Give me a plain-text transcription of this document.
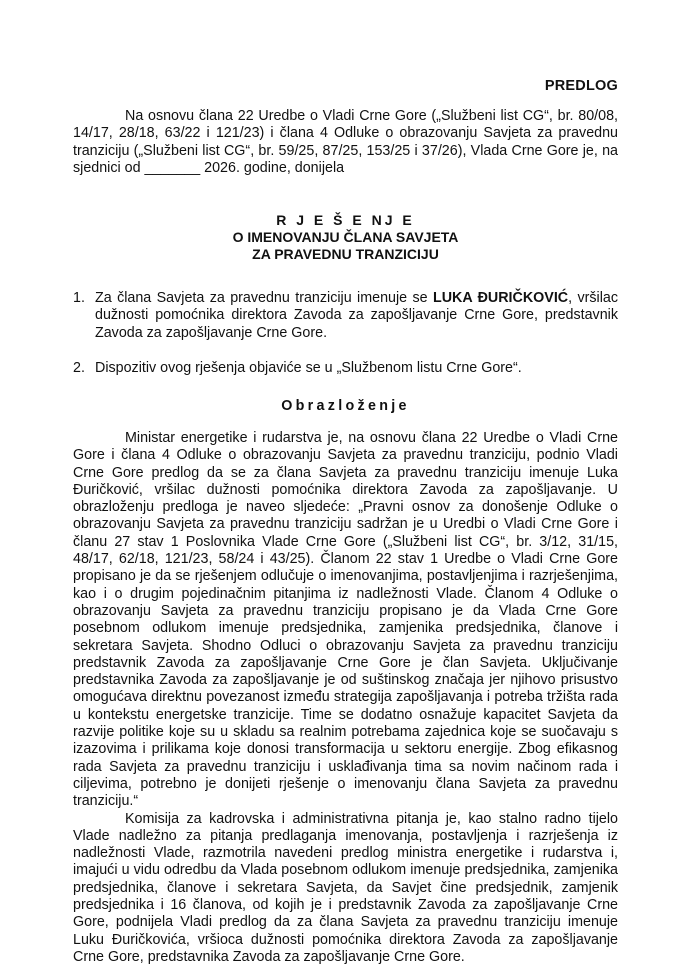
PREDLOG

Na osnovu člana 22 Uredbe o Vladi Crne Gore („Službeni list CG“, br. 80/08, 14/17, 28/18, 63/22 i 121/23) i člana 4 Odluke o obrazovanju Savjeta za pravednu tranziciju („Službeni list CG“, br. 59/25, 87/25, 153/25 i 37/26), Vlada Crne Gore je, na sjednici od _______ 2026. godine, donijela

R J E Š E NJ E
O IMENOVANJU ČLANA SAVJETA
ZA PRAVEDNU TRANZICIJU
1. Za člana Savjeta za pravednu tranziciju imenuje se LUKA ĐURIČKOVIĆ, vršilac dužnosti pomoćnika direktora Zavoda za zapošljavanje Crne Gore, predstavnik Zavoda za zapošljavanje Crne Gore.
2. Dispozitiv ovog rješenja objaviće se u „Službenom listu Crne Gore“.
Obrazloženje

Ministar energetike i rudarstva je, na osnovu člana 22 Uredbe o Vladi Crne Gore i člana 4 Odluke o obrazovanju Savjeta za pravednu tranziciju, podnio Vladi Crne Gore predlog da se za člana Savjeta za pravednu tranziciju imenuje Luka Đuričković, vršilac dužnosti pomoćnika direktora Zavoda za zapošljavanje. U obrazloženju predloga je naveo sljedeće: „Pravni osnov za donošenje Odluke o obrazovanju Savjeta za pravednu tranziciju sadržan je u Uredbi o Vladi Crne Gore i članu 27 stav 1 Poslovnika Vlade Crne Gore („Službeni list CG“, br. 3/12, 31/15, 48/17, 62/18, 121/23, 58/24 i 43/25). Članom 22 stav 1 Uredbe o Vladi Crne Gore propisano je da se rješenjem odlučuje o imenovanjima, postavljenjima i razrješenjima, kao i o drugim pojedinačnim pitanjima iz nadležnosti Vlade. Članom 4 Odluke o obrazovanju Savjeta za pravednu tranziciju propisano je da Vlada Crne Gore posebnom odlukom imenuje predsjednika, zamjenika predsjednika, članove i sekretara Savjeta. Shodno Odluci o obrazovanju Savjeta za pravednu tranziciju predstavnik Zavoda za zapošljavanje Crne Gore je član Savjeta. Uključivanje predstavnika Zavoda za zapošljavanje je od suštinskog značaja jer njihovo prisustvo omogućava direktnu povezanost između strategija zapošljavanja i potreba tržišta rada u kontekstu energetske tranzicije. Time se dodatno osnažuje kapacitet Savjeta da razvije politike koje su u skladu sa realnim potrebama zajednica koje se suočavaju s izazovima i prilikama koje donosi transformacija u sektoru energije. Zbog efikasnog rada Savjeta za pravednu tranziciju i usklađivanja tima sa novim načinom rada i ciljevima, potrebno je donijeti rješenje o imenovanju člana Savjeta za pravednu tranziciju.“

Komisija za kadrovska i administrativna pitanja je, kao stalno radno tijelo Vlade nadležno za pitanja predlaganja imenovanja, postavljenja i razrješenja iz nadležnosti Vlade, razmotrila navedeni predlog ministra energetike i rudarstva i, imajući u vidu odredbu da Vlada posebnom odlukom imenuje predsjednika, zamjenika predsjednika, članove i sekretara Savjeta, da Savjet čine predsjednik, zamjenik predsjednika i 16 članova, od kojih je i predstavnik Zavoda za zapošljavanje Crne Gore, podnijela Vladi predlog da za člana Savjeta za pravednu tranziciju imenuje Luku Đuričkovića, vršioca dužnosti pomoćnika direktora Zavoda za zapošljavanje Crne Gore, predstavnika Zavoda za zapošljavanje Crne Gore.
